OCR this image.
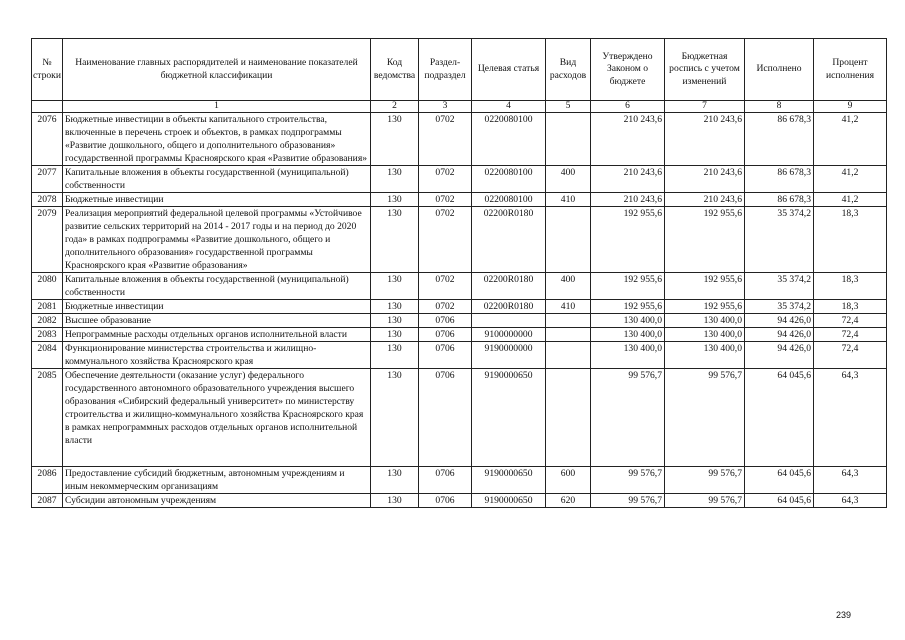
№ строки	Наименование главных распорядителей и наименование показателей бюджетной классификации	Код ведомства	Раздел-подраздел	Целевая статья	Вид расходов	Утверждено Законом о бюджете	Бюджетная роспись с учетом изменений	Исполнено	Процент исполнения
	1	2	3	4	5	6	7	8	9
2076	Бюджетные инвестиции в объекты капитального строительства, включенные в перечень строек и объектов, в рамках подпрограммы «Развитие дошкольного, общего и дополнительного образования» государственной программы Красноярского края «Развитие образования»	130	0702	0220080100		210 243,6	210 243,6	86 678,3	41,2
2077	Капитальные вложения в объекты государственной (муниципальной) собственности	130	0702	0220080100	400	210 243,6	210 243,6	86 678,3	41,2
2078	Бюджетные инвестиции	130	0702	0220080100	410	210 243,6	210 243,6	86 678,3	41,2
2079	Реализация мероприятий федеральной целевой программы «Устойчивое развитие сельских территорий на 2014 - 2017 годы и на период до 2020 года» в рамках подпрограммы «Развитие дошкольного, общего и дополнительного образования» государственной программы Красноярского края «Развитие образования»	130	0702	02200R0180		192 955,6	192 955,6	35 374,2	18,3
2080	Капитальные вложения в объекты государственной (муниципальной) собственности	130	0702	02200R0180	400	192 955,6	192 955,6	35 374,2	18,3
2081	Бюджетные инвестиции	130	0702	02200R0180	410	192 955,6	192 955,6	35 374,2	18,3
2082	Высшее образование	130	0706			130 400,0	130 400,0	94 426,0	72,4
2083	Непрограммные расходы отдельных органов исполнительной власти	130	0706	9100000000		130 400,0	130 400,0	94 426,0	72,4
2084	Функционирование министерства строительства и жилищно-коммунального хозяйства Красноярского края	130	0706	9190000000		130 400,0	130 400,0	94 426,0	72,4
2085	Обеспечение деятельности (оказание услуг) федерального государственного автономного образовательного учреждения высшего образования «Сибирский федеральный университет» по министерству строительства и жилищно-коммунального хозяйства Красноярского края в рамках непрограммных расходов отдельных органов исполнительной власти	130	0706	9190000650		99 576,7	99 576,7	64 045,6	64,3
2086	Предоставление субсидий бюджетным, автономным учреждениям и иным некоммерческим организациям	130	0706	9190000650	600	99 576,7	99 576,7	64 045,6	64,3
2087	Субсидии автономным учреждениям	130	0706	9190000650	620	99 576,7	99 576,7	64 045,6	64,3
239
